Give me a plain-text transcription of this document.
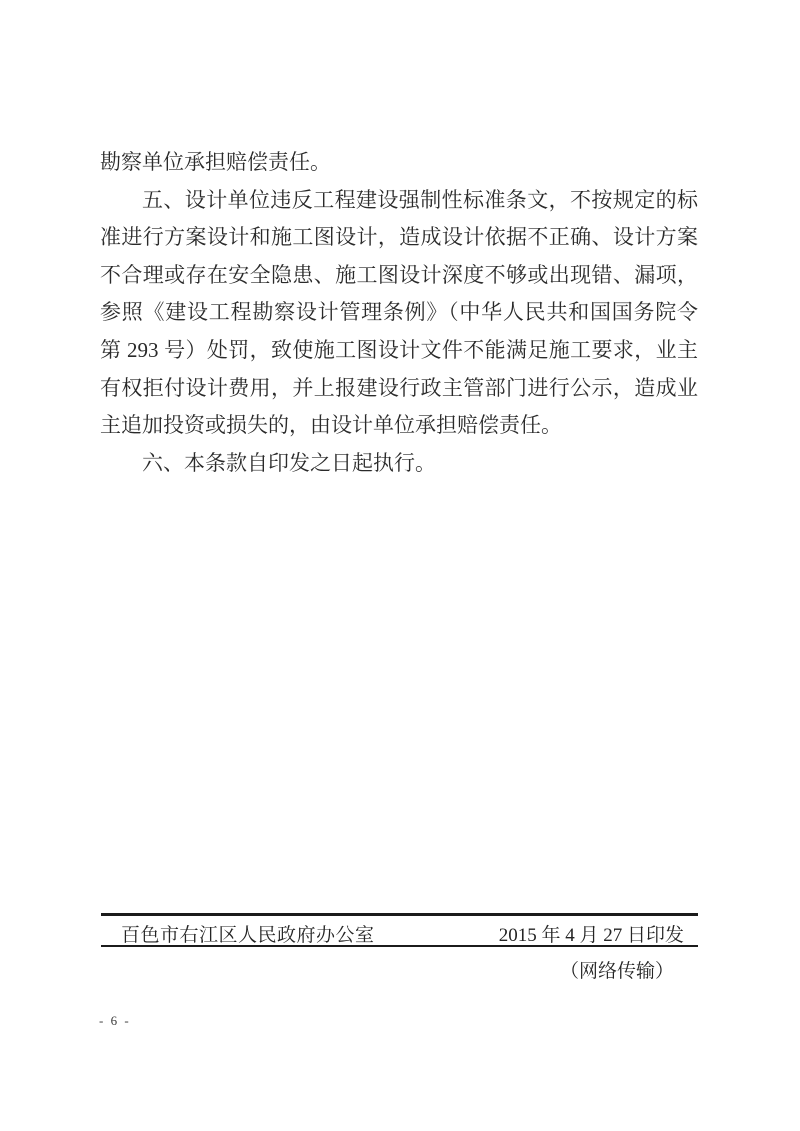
勘察单位承担赔偿责任。
五、设计单位违反工程建设强制性标准条文，不按规定的标
准进行方案设计和施工图设计，造成设计依据不正确、设计方案
不合理或存在安全隐患、施工图设计深度不够或出现错、漏项，
参照《建设工程勘察设计管理条例》（中华人民共和国国务院令
第 293 号）处罚，致使施工图设计文件不能满足施工要求，业主
有权拒付设计费用，并上报建设行政主管部门进行公示，造成业
主追加投资或损失的，由设计单位承担赔偿责任。
六、本条款自印发之日起执行。
百色市右江区人民政府办公室	2015 年 4 月 27 日印发
（网络传输）
- 6 -
